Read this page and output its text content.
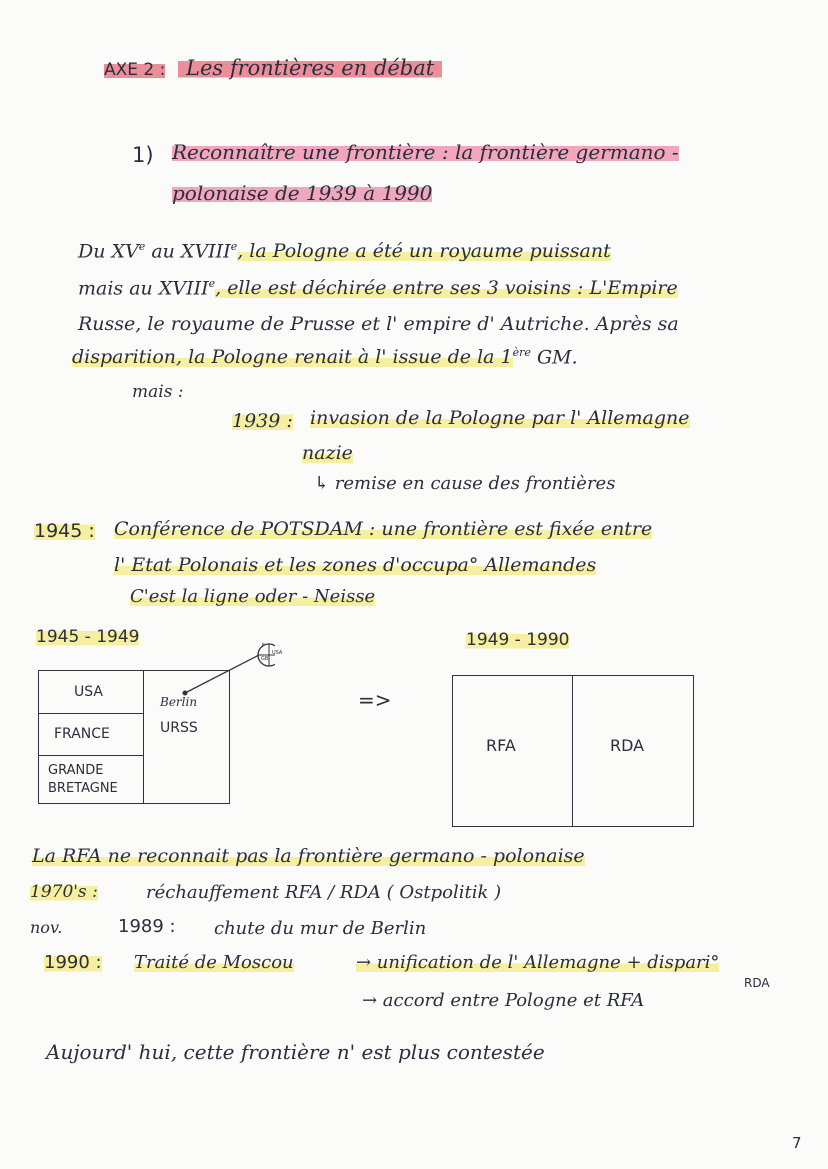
AXE 2 : Les frontières en débat
1) Reconnaître une frontière : la frontière germano -
polonaise de 1939 à 1990
Du XVe au XVIIIe, la Pologne a été un royaume puissant
mais au XVIIIe, elle est déchirée entre ses 3 voisins : L'Empire
Russe, le royaume de Prusse et l' empire d' Autriche. Après sa
disparition, la Pologne renait à l' issue de la 1ère GM.
mais :
1939 : invasion de la Pologne par l' Allemagne
nazie
↳ remise en cause des frontières
1945 : Conférence de POTSDAM : une frontière est fixée entre
l' Etat Polonais et les zones d'occupa° Allemandes
C'est la ligne oder - Neisse
1945 - 1949
USA
FRANCE
GRANDE BRETAGNE
Berlin
URSS
F
GB
USA
=>
1949 - 1990
RFA	RDA
La RFA ne reconnait pas la frontière germano - polonaise
1970's :	réchauffement RFA / RDA ( Ostpolitik )
nov.	1989 : chute du mur de Berlin
1990 : Traité de Moscou	→ unification de l' Allemagne + dispari°
RDA
→ accord entre Pologne et RFA
Aujourd' hui, cette frontière n' est plus contestée
7
